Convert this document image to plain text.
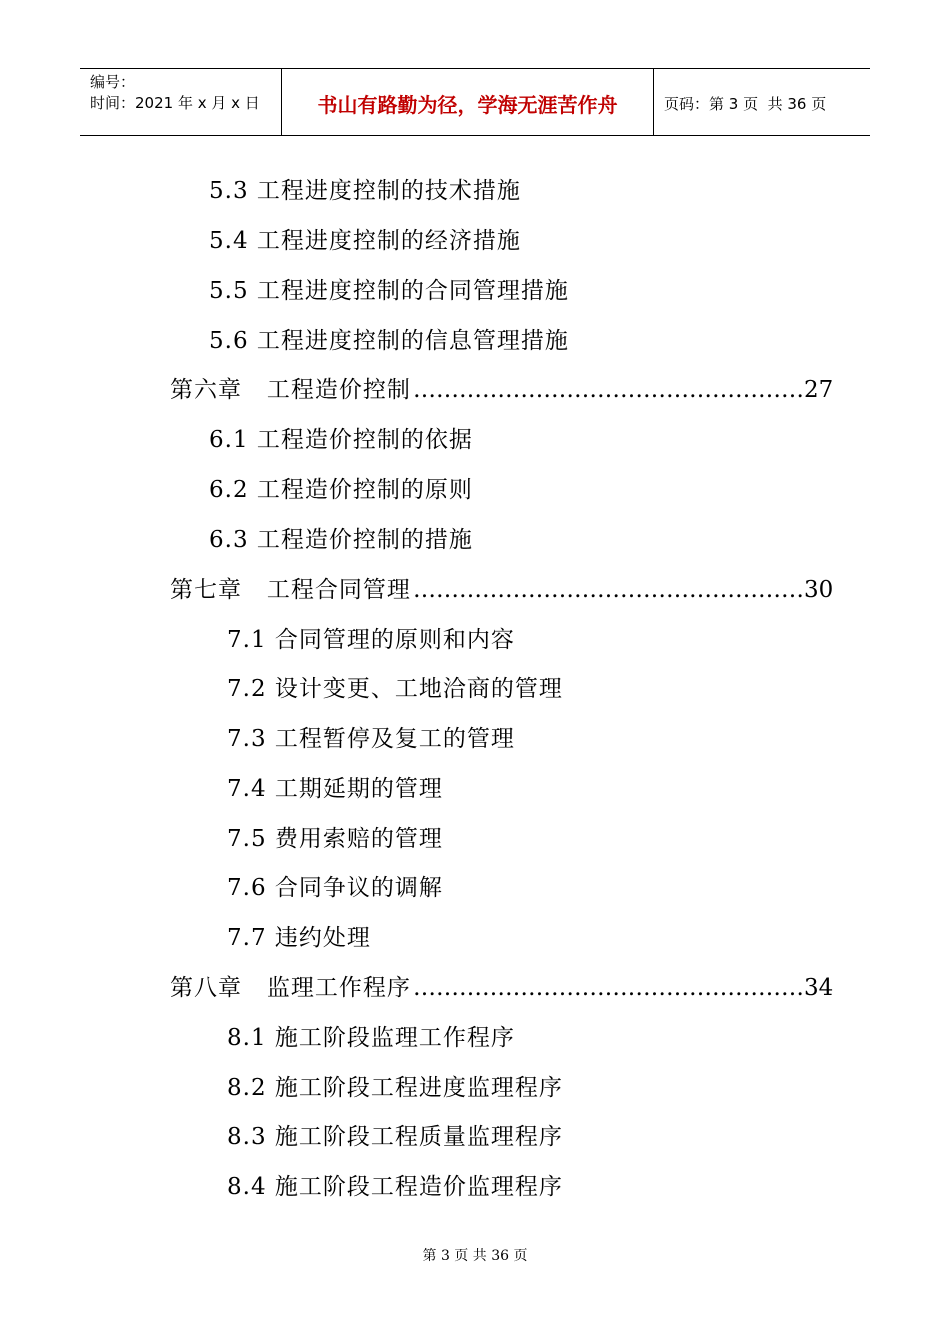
编号：
时间：2021 年 x 月 x 日	书山有路勤为径，学海无涯苦作舟	页码：第 3 页  共 36 页
5.3 工程进度控制的技术措施
5.4 工程进度控制的经济措施
5.5 工程进度控制的合同管理措施
5.6 工程进度控制的信息管理措施
第六章   工程造价控制 …………………………………………… 27
6.1 工程造价控制的依据
6.2 工程造价控制的原则
6.3 工程造价控制的措施
第七章   工程合同管理 …………………………………………… 30
7.1 合同管理的原则和内容
7.2 设计变更、工地洽商的管理
7.3 工程暂停及复工的管理
7.4 工期延期的管理
7.5 费用索赔的管理
7.6 合同争议的调解
7.7 违约处理
第八章   监理工作程序 …………………………………………… 34
8.1 施工阶段监理工作程序
8.2 施工阶段工程进度监理程序
8.3 施工阶段工程质量监理程序
8.4 施工阶段工程造价监理程序
第 3 页 共 36 页
